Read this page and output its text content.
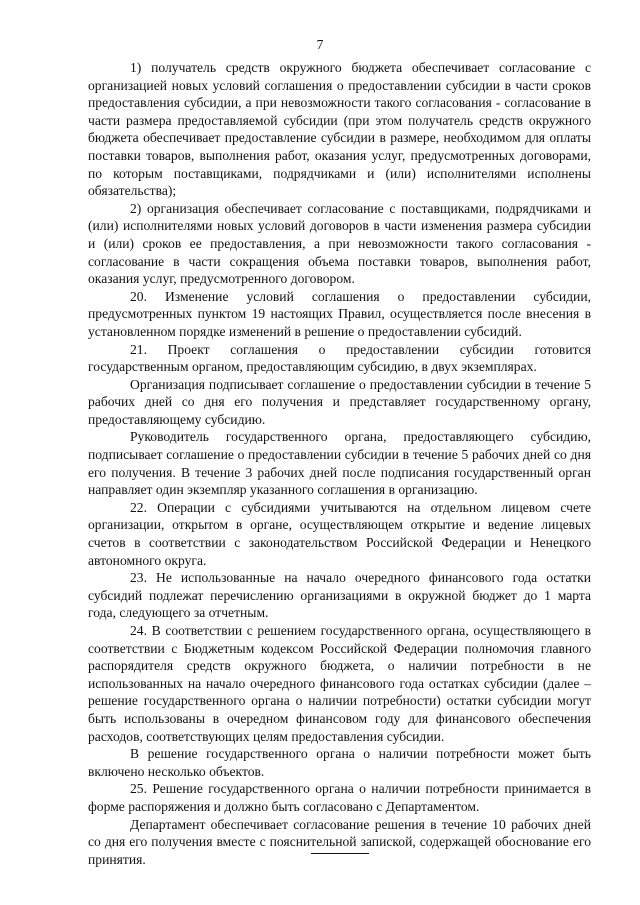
7

1) получатель средств окружного бюджета обеспечивает согласование с организацией новых условий соглашения о предоставлении субсидии в части сроков предоставления субсидии, а при невозможности такого согласования - согласование в части размера предоставляемой субсидии (при этом получатель средств окружного бюджета обеспечивает предоставление субсидии в размере, необходимом для оплаты поставки товаров, выполнения работ, оказания услуг, предусмотренных договорами, по которым поставщиками, подрядчиками и (или) исполнителями исполнены обязательства);

2) организация обеспечивает согласование с поставщиками, подрядчиками и (или) исполнителями новых условий договоров в части изменения размера субсидии и (или) сроков ее предоставления, а при невозможности такого согласования - согласование в части сокращения объема поставки товаров, выполнения работ, оказания услуг, предусмотренного договором.

20. Изменение условий соглашения о предоставлении субсидии, предусмотренных пунктом 19 настоящих Правил, осуществляется после внесения в установленном порядке изменений в решение о предоставлении субсидий.

21. Проект соглашения о предоставлении субсидии готовится государственным органом, предоставляющим субсидию, в двух экземплярах.

Организация подписывает соглашение о предоставлении субсидии в течение 5 рабочих дней со дня его получения и представляет государственному органу, предоставляющему субсидию.

Руководитель государственного органа, предоставляющего субсидию, подписывает соглашение о предоставлении субсидии в течение 5 рабочих дней со дня его получения. В течение 3 рабочих дней после подписания государственный орган направляет один экземпляр указанного соглашения в организацию.

22. Операции с субсидиями учитываются на отдельном лицевом счете организации, открытом в органе, осуществляющем открытие и ведение лицевых счетов в соответствии с законодательством Российской Федерации и Ненецкого автономного округа.

23. Не использованные на начало очередного финансового года остатки субсидий подлежат перечислению организациями в окружной бюджет до 1 марта года, следующего за отчетным.

24. В соответствии с решением государственного органа, осуществляющего в соответствии с Бюджетным кодексом Российской Федерации полномочия главного распорядителя средств окружного бюджета, о наличии потребности в не использованных на начало очередного финансового года остатках субсидии (далее – решение государственного органа о наличии потребности) остатки субсидии могут быть использованы в очередном финансовом году для финансового обеспечения расходов, соответствующих целям предоставления субсидии.

В решение государственного органа о наличии потребности может быть включено несколько объектов.

25. Решение государственного органа о наличии потребности принимается в форме распоряжения и должно быть согласовано с Департаментом.

Департамент обеспечивает согласование решения в течение 10 рабочих дней со дня его получения вместе с пояснительной запиской, содержащей обоснование его принятия.
